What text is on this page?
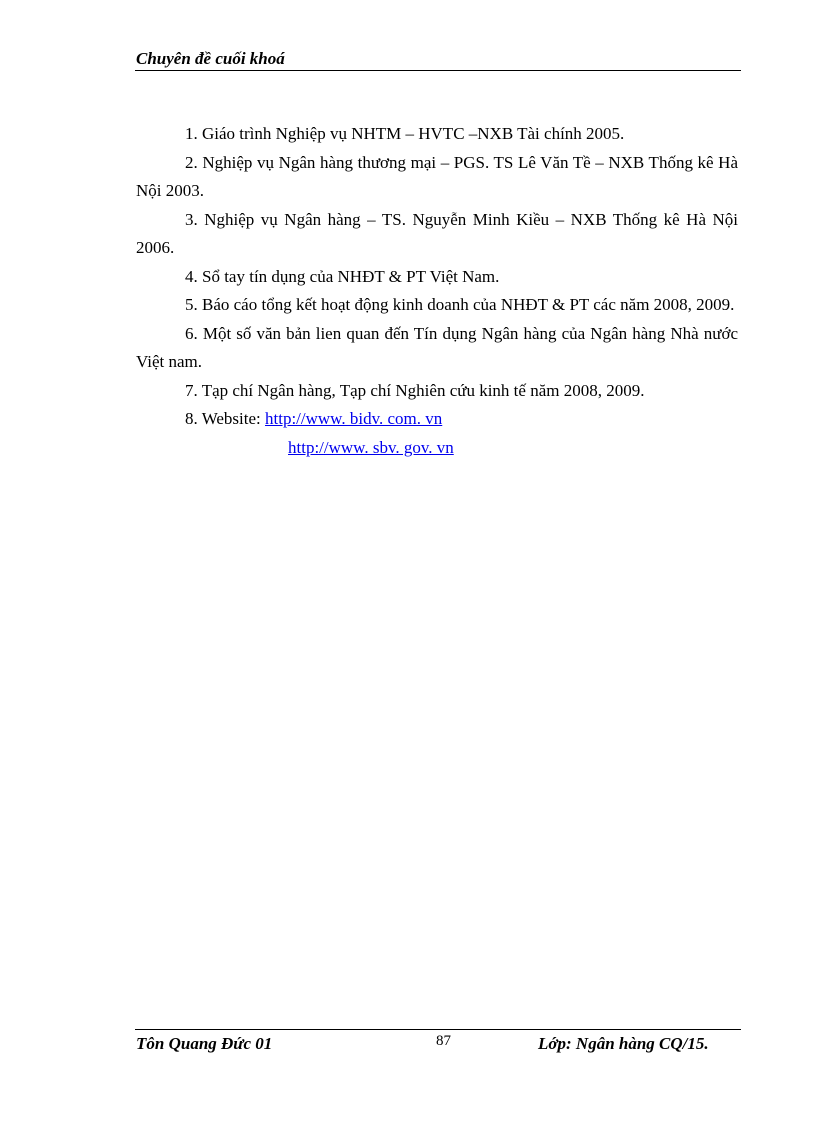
Chuyên đề cuối khoá

1. Giáo trình Nghiệp vụ NHTM – HVTC –NXB Tài chính 2005.

2. Nghiệp vụ Ngân hàng thương mại – PGS. TS Lê Văn Tề – NXB Thống kê Hà Nội 2003.

3. Nghiệp vụ Ngân hàng – TS. Nguyễn Minh Kiều – NXB Thống kê Hà Nội 2006.

4. Sổ tay tín dụng của NHĐT & PT Việt Nam.

5. Báo cáo tổng kết hoạt động kinh doanh của NHĐT & PT các năm 2008, 2009.

6. Một số văn bản lien quan đến Tín dụng Ngân hàng của Ngân hàng Nhà nước Việt nam.

7. Tạp chí Ngân hàng, Tạp chí Nghiên cứu kinh tế năm 2008, 2009.

8. Website: http://www. bidv. com. vn

http://www. sbv. gov. vn

Tôn Quang Đức 01	87	Lớp: Ngân hàng CQ/15.
